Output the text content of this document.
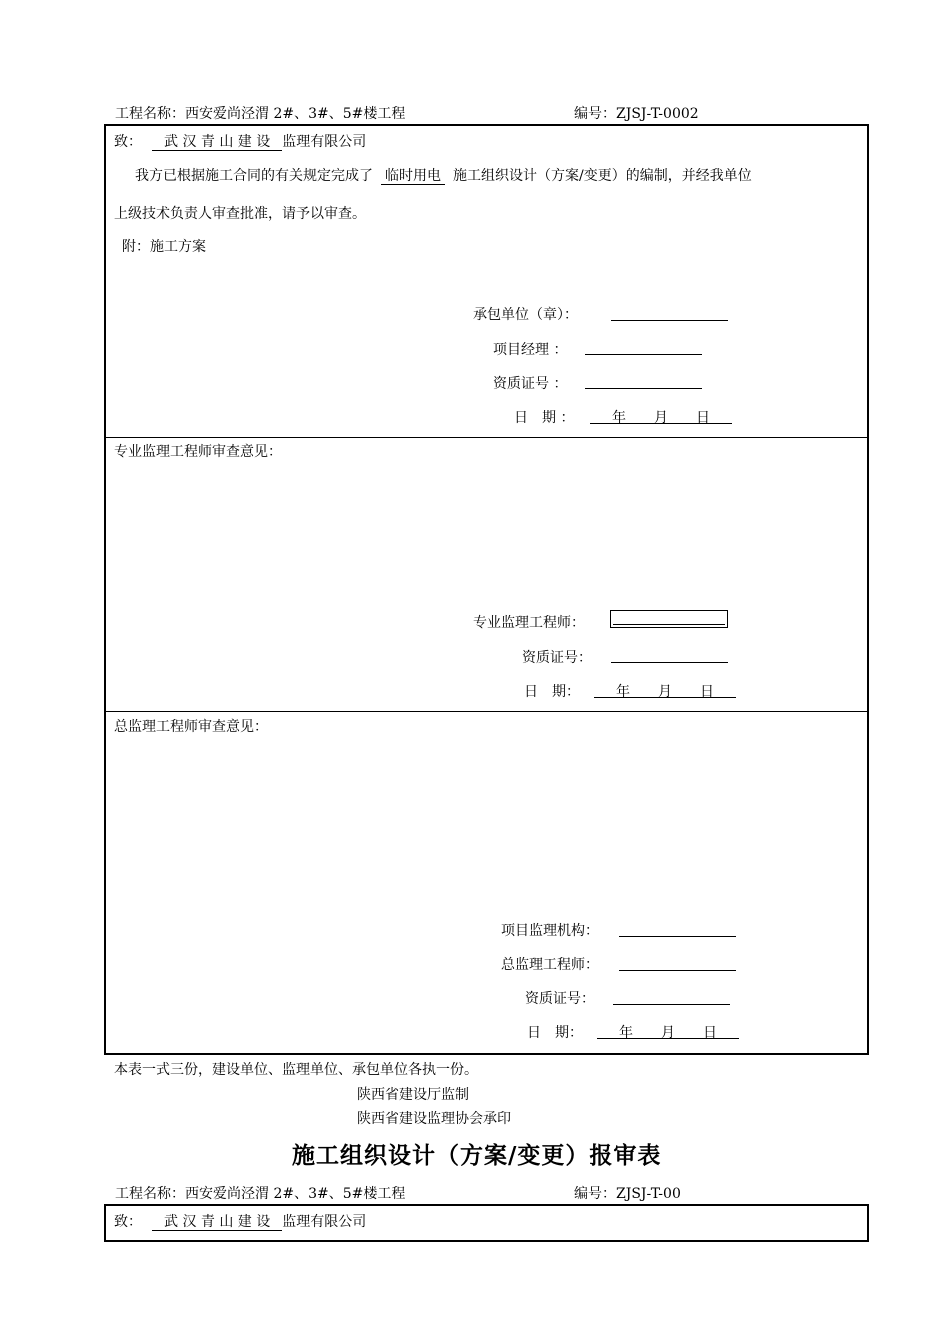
工程名称：西安爱尚泾渭 2#、3#、5#楼工程	编号：ZJSJ-T-0002
致： 武 汉 青 山 建 设 监理有限公司
我方已根据施工合同的有关规定完成了 临时用电 施工组织设计（方案/变更）的编制，并经我单位
上级技术负责人审查批准，请予以审查。
附：施工方案
承包单位（章）：
项目经理 ：
资质证号 ：
日　期 ：	年　　月　　日
专业监理工程师审查意见：
专业监理工程师：
资质证号：
日　期：	年　　月　　日
总监理工程师审查意见：
项目监理机构：
总监理工程师：
资质证号：
日　期：	年　　月　　日
本表一式三份，建设单位、监理单位、承包单位各执一份。
陕西省建设厅监制
陕西省建设监理协会承印
施工组织设计（方案/变更）报审表
工程名称：西安爱尚泾渭 2#、3#、5#楼工程	编号：ZJSJ-T-00
致： 武 汉 青 山 建 设 监理有限公司
